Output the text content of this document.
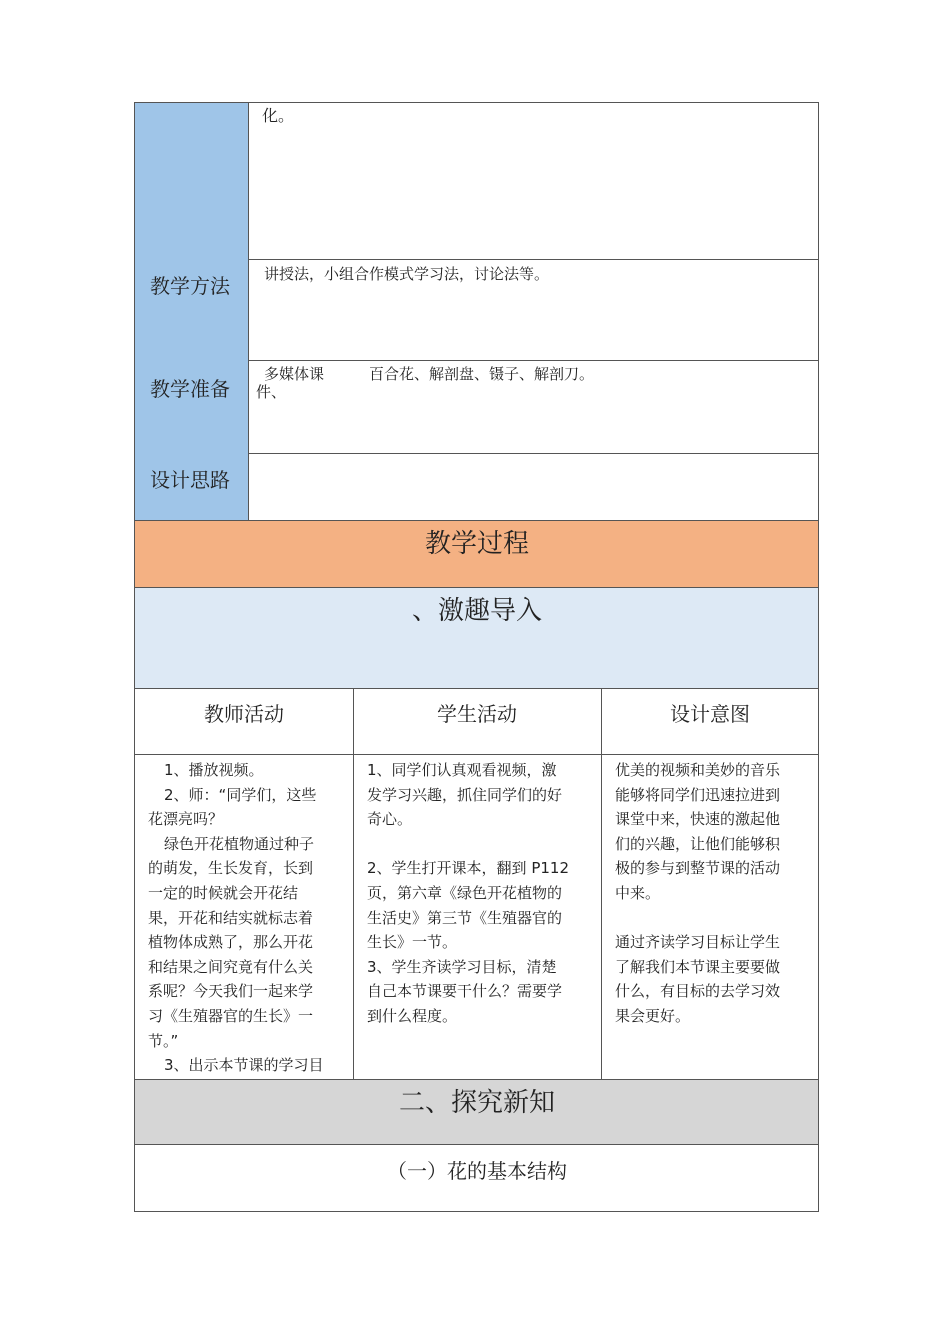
化。
教学方法 讲授法，小组合作模式学习法，讨论法等。
教学准备
多媒体课
件、
百合花、解剖盘、镊子、解剖刀。
设计思路
教学过程
、激趣导入
教师活动	学生活动	设计意图
1、播放视频。
2、师：“同学们，这些
花漂亮吗？
绿色开花植物通过种子
的萌发，生长发育，长到
一定的时候就会开花结
果，开花和结实就标志着
植物体成熟了，那么开花
和结果之间究竟有什么关
系呢？今天我们一起来学
习《生殖器官的生长》一
节。”
3、出示本节课的学习目
1、同学们认真观看视频，激
发学习兴趣，抓住同学们的好
奇心。
2、学生打开课本，翻到 P112
页，第六章《绿色开花植物的
生活史》第三节《生殖器官的
生长》一节。
3、学生齐读学习目标，清楚
自己本节课要干什么？需要学
到什么程度。
优美的视频和美妙的音乐
能够将同学们迅速拉进到
课堂中来，快速的激起他
们的兴趣，让他们能够积
极的参与到整节课的活动
中来。
通过齐读学习目标让学生
了解我们本节课主要要做
什么，有目标的去学习效
果会更好。
二、探究新知
（一）花的基本结构
